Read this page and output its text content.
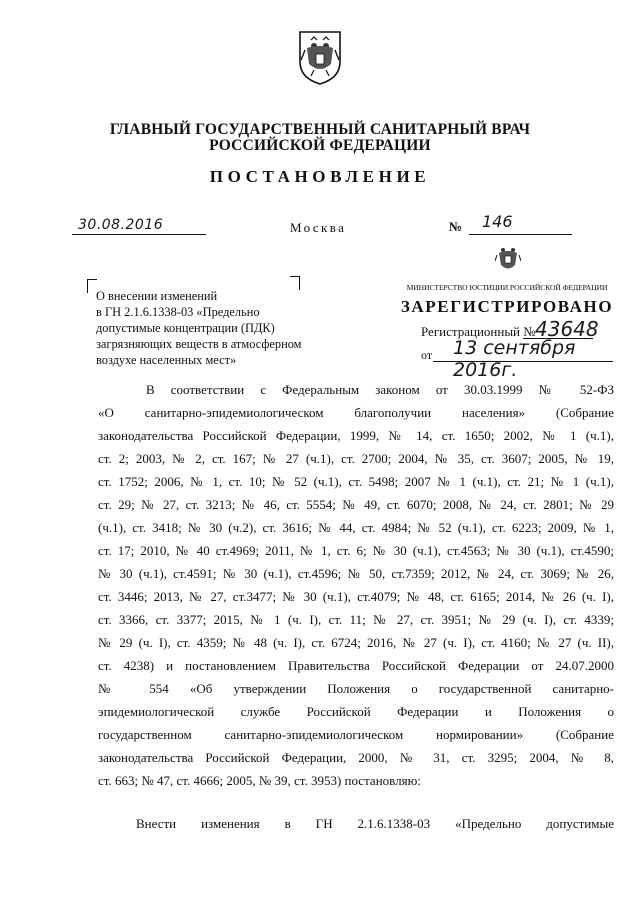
ГЛАВНЫЙ ГОСУДАРСТВЕННЫЙ САНИТАРНЫЙ ВРАЧ
РОССИЙСКОЙ ФЕДЕРАЦИИ
ПОСТАНОВЛЕНИЕ
30.08.2016	Москва	№ 146
О внесении изменений
в ГН 2.1.6.1338-03 «Предельно
допустимые концентрации (ПДК)
загрязняющих веществ в атмосферном
воздухе населенных мест»
МИНИСТЕРСТВО ЮСТИЦИИ РОССИЙСКОЙ ФЕДЕРАЦИИ
ЗАРЕГИСТРИРОВАНО
Регистрационный № 43648
от 13 сентября 2016г.
В соответствии с Федеральным законом от 30.03.1999 № 52-ФЗ
«О санитарно-эпидемиологическом благополучии населения» (Собрание
законодательства Российской Федерации, 1999, № 14, ст. 1650; 2002, № 1 (ч.1),
ст. 2; 2003, № 2, ст. 167; № 27 (ч.1), ст. 2700; 2004, № 35, ст. 3607; 2005, № 19,
ст. 1752; 2006, № 1, ст. 10; № 52 (ч.1), ст. 5498; 2007 № 1 (ч.1), ст. 21; № 1 (ч.1),
ст. 29; № 27, ст. 3213; № 46, ст. 5554; № 49, ст. 6070; 2008, № 24, ст. 2801; № 29
(ч.1), ст. 3418; № 30 (ч.2), ст. 3616; № 44, ст. 4984; № 52 (ч.1), ст. 6223; 2009, № 1,
ст. 17; 2010, № 40 ст.4969; 2011, № 1, ст. 6; № 30 (ч.1), ст.4563; № 30 (ч.1), ст.4590;
№ 30 (ч.1), ст.4591; № 30 (ч.1), ст.4596; № 50, ст.7359; 2012, № 24, ст. 3069; № 26,
ст. 3446; 2013, № 27, ст.3477; № 30 (ч.1), ст.4079; № 48, ст. 6165; 2014, № 26 (ч. I),
ст. 3366, ст. 3377; 2015, № 1 (ч. I), ст. 11; № 27, ст. 3951; № 29 (ч. I), ст. 4339;
№ 29 (ч. I), ст. 4359; № 48 (ч. I), ст. 6724; 2016, № 27 (ч. I), ст. 4160; № 27 (ч. II),
ст. 4238) и постановлением Правительства Российской Федерации от 24.07.2000
№ 554 «Об утверждении Положения о государственной санитарно-
эпидемиологической службе Российской Федерации и Положения о
государственном санитарно-эпидемиологическом нормировании» (Собрание
законодательства Российской Федерации, 2000, № 31, ст. 3295; 2004, № 8,
ст. 663; № 47, ст. 4666; 2005, № 39, ст. 3953) постановляю:
Внести изменения в ГН 2.1.6.1338-03 «Предельно допустимые
